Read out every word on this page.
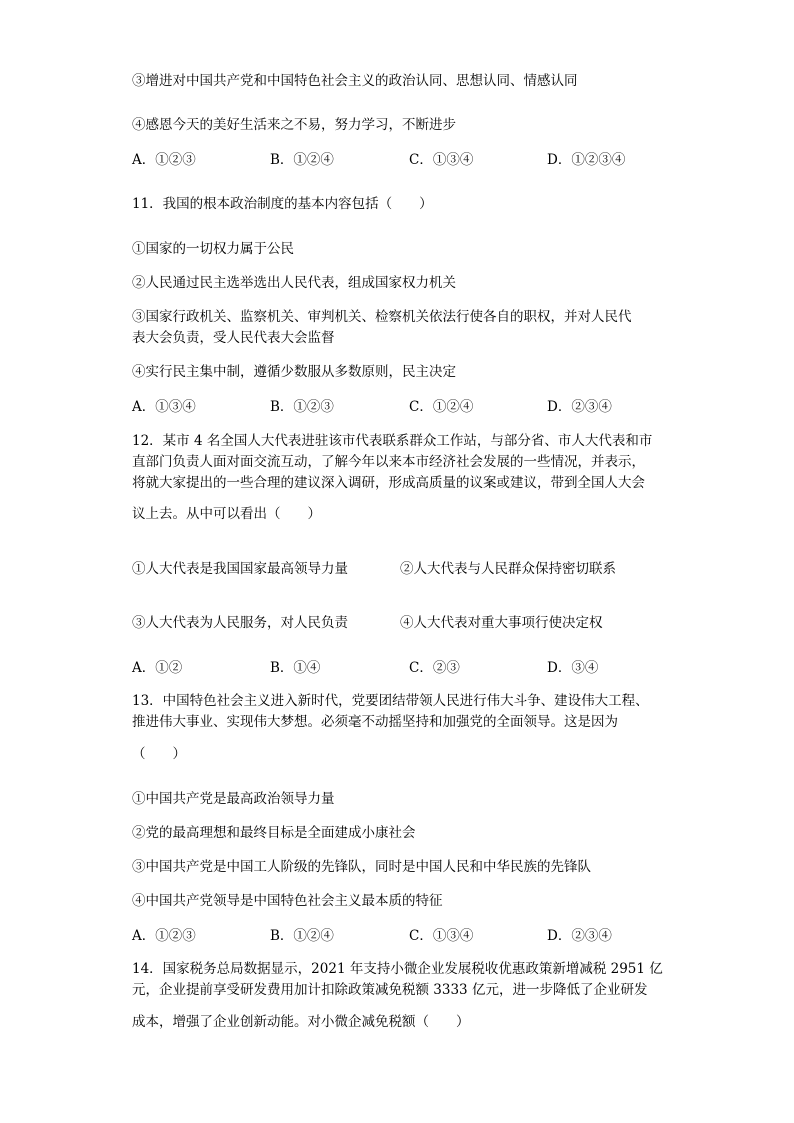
③增进对中国共产党和中国特色社会主义的政治认同、思想认同、情感认同
④感恩今天的美好生活来之不易，努力学习，不断进步
A．①②③	B．①②④	C．①③④	D．①②③④
11．我国的根本政治制度的基本内容包括（　　）
①国家的一切权力属于公民
②人民通过民主选举选出人民代表，组成国家权力机关
③国家行政机关、监察机关、审判机关、检察机关依法行使各自的职权，并对人民代
表大会负责，受人民代表大会监督
④实行民主集中制，遵循少数服从多数原则，民主决定
A．①③④	B．①②③	C．①②④	D．②③④
12．某市 4 名全国人大代表进驻该市代表联系群众工作站，与部分省、市人大代表和市
直部门负责人面对面交流互动，了解今年以来本市经济社会发展的一些情况，并表示，
将就大家提出的一些合理的建议深入调研，形成高质量的议案或建议，带到全国人大会
议上去。从中可以看出（　　）
①人大代表是我国国家最高领导力量	②人大代表与人民群众保持密切联系
③人大代表为人民服务，对人民负责	④人大代表对重大事项行使决定权
A．①②	B．①④	C．②③	D．③④
13．中国特色社会主义进入新时代，党要团结带领人民进行伟大斗争、建设伟大工程、
推进伟大事业、实现伟大梦想。必须毫不动摇坚持和加强党的全面领导。这是因为
（　　）
①中国共产党是最高政治领导力量
②党的最高理想和最终目标是全面建成小康社会
③中国共产党是中国工人阶级的先锋队，同时是中国人民和中华民族的先锋队
④中国共产党领导是中国特色社会主义最本质的特征
A．①②③	B．①②④	C．①③④	D．②③④
14．国家税务总局数据显示，2021 年支持小微企业发展税收优惠政策新增减税 2951 亿
元，企业提前享受研发费用加计扣除政策减免税额 3333 亿元，进一步降低了企业研发
成本，增强了企业创新动能。对小微企减免税额（　　）
